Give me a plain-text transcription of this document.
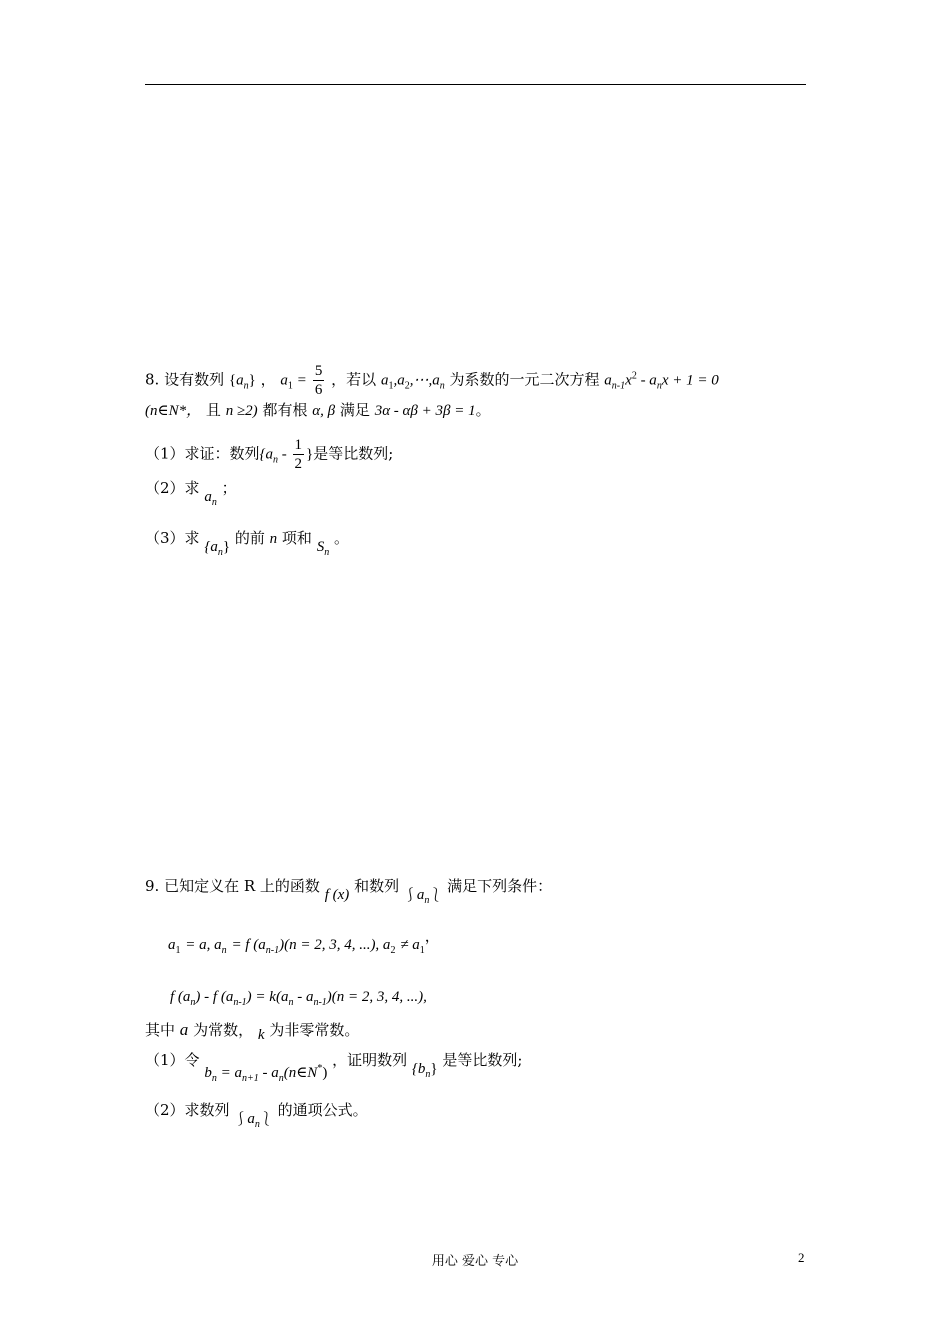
8. 设有数列 $\{a_n\}$ ， $a_1 = \frac{5}{6}$ ，若以 $a_1,a_2,\cdots,a_n$ 为系数的一元二次方程 $a_{n-1}x^2 - a_nx + 1 = 0$
(n∈N*， 且 n ≥2) 都有根 α, β 满足 3α - αβ + 3β = 1。
（1）求证：数列{$a_n - \frac{1}{2}$ }是等比数列;
（2）求 $a_n$ ；
（3）求 $\{a_n\}$ 的前 n 项和 $S_n$ 。
9. 已知定义在 R 上的函数 f (x) 和数列 $⎰a_n⎱$ 满足下列条件：
$a_1 = a$, $a_n = f$ $(a_{n-1})(n = 2$, 3, 4, ...), $a_2 \ne a_1$，
f $(a_n)$ - f $(a_{n-1}) = k(a_n - a_{n-1})(n = 2$, 3, 4, ...),
其中 a 为常数， k 为非零常数。
（1）令 $b_n = a_{n+1}$ - $a_n(n\in N^*)$ ，证明数列 $\{b_n\}$ 是等比数列;
（2）求数列 $⎰a_n⎱$ 的通项公式。
用心 爱心 专心	2
